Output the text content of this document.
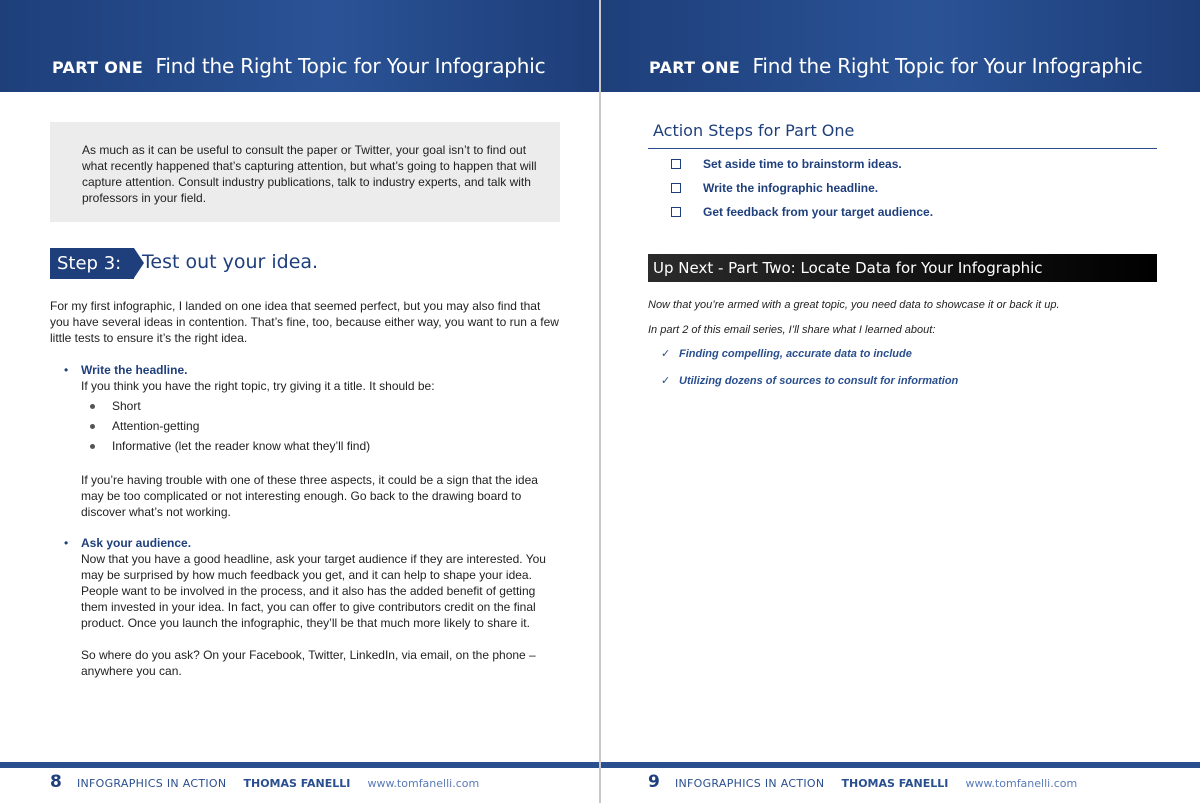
PART ONE Find the Right Topic for Your Infographic
As much as it can be useful to consult the paper or Twitter, your goal isn’t to find out what recently happened that’s capturing attention, but what’s going to happen that will capture attention. Consult industry publications, talk to industry experts, and talk with professors in your field.
Step 3:	Test out your idea.
For my first infographic, I landed on one idea that seemed perfect, but you may also find that you have several ideas in contention. That’s fine, too, because either way, you want to run a few little tests to ensure it’s the right idea.
• Write the headline.
If you think you have the right topic, try giving it a title. It should be:
Short
Attention-getting
Informative (let the reader know what they’ll find)
If you’re having trouble with one of these three aspects, it could be a sign that the idea may be too complicated or not interesting enough. Go back to the drawing board to discover what’s not working.
• Ask your audience.
Now that you have a good headline, ask your target audience if they are interested. You may be surprised by how much feedback you get, and it can help to shape your idea. People want to be involved in the process, and it also has the added benefit of getting them invested in your idea. In fact, you can offer to give contributors credit on the final product. Once you launch the infographic, they’ll be that much more likely to share it.
So where do you ask? On your Facebook, Twitter, LinkedIn, via email, on the phone – anywhere you can.
8 INFOGRAPHICS IN ACTION THOMAS FANELLI www.tomfanelli.com
PART ONE Find the Right Topic for Your Infographic
Action Steps for Part One
Set aside time to brainstorm ideas.
Write the infographic headline.
Get feedback from your target audience.
Up Next - Part Two: Locate Data for Your Infographic
Now that you’re armed with a great topic, you need data to showcase it or back it up.
In part 2 of this email series, I’ll share what I learned about:
✓ Finding compelling, accurate data to include
✓ Utilizing dozens of sources to consult for information
9 INFOGRAPHICS IN ACTION THOMAS FANELLI www.tomfanelli.com
